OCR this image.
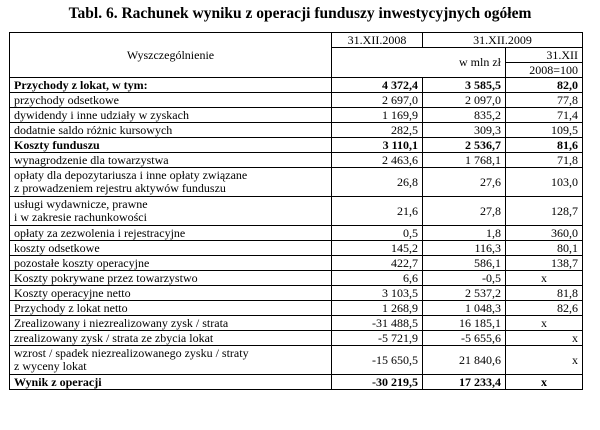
Tabl. 6. Rachunek wyniku z operacji funduszy inwestycyjnych ogółem
Wyszczególnienie	31.XII.2008	31.XII.2009	
	w mln zł		31.XII
			2008=100
Przychody z lokat, w tym:	4 372,4	3 585,5	82,0
przychody odsetkowe	2 697,0	2 097,0	77,8
dywidendy i inne udziały w zyskach	1 169,9	835,2	71,4
dodatnie saldo różnic kursowych	282,5	309,3	109,5
Koszty funduszu	3 110,1	2 536,7	81,6
wynagrodzenie dla towarzystwa	2 463,6	1 768,1	71,8
opłaty dla depozytariusza i inne opłaty związane
z prowadzeniem rejestru aktywów funduszu	26,8	27,6	103,0
usługi wydawnicze, prawne
i w zakresie rachunkowości	21,6	27,8	128,7
opłaty za zezwolenia i rejestracyjne	0,5	1,8	360,0
koszty odsetkowe	145,2	116,3	80,1
pozostałe koszty operacyjne	422,7	586,1	138,7
Koszty pokrywane przez towarzystwo	6,6	-0,5	x
Koszty operacyjne netto	3 103,5	2 537,2	81,8
Przychody z lokat netto	1 268,9	1 048,3	82,6
Zrealizowany i niezrealizowany zysk / strata	-31 488,5	16 185,1	x
zrealizowany zysk / strata ze zbycia lokat	-5 721,9	-5 655,6	x
wzrost / spadek niezrealizowanego zysku / straty
z wyceny lokat	-15 650,5	21 840,6	x
Wynik z operacji	-30 219,5	17 233,4	x
